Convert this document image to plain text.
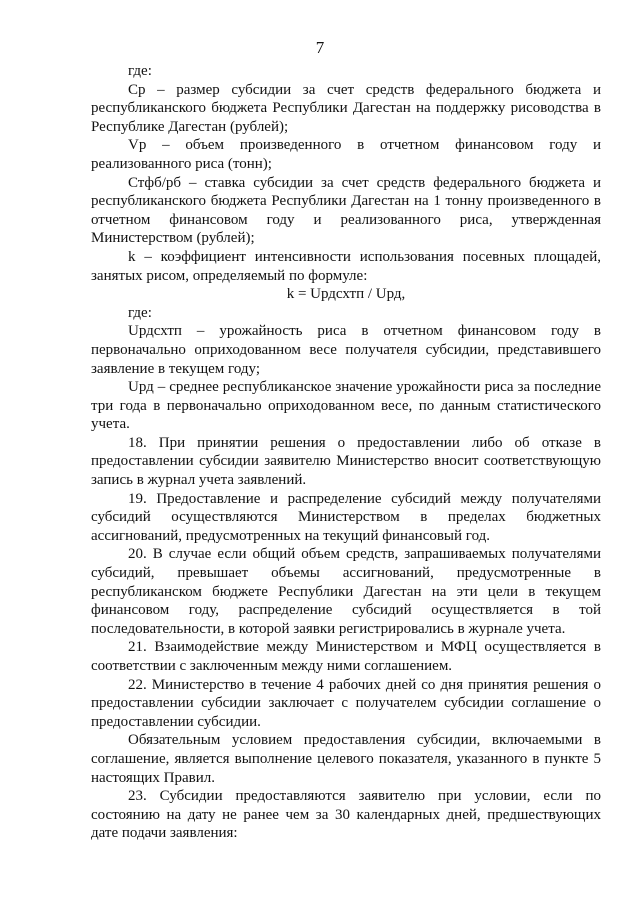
7

где:

Ср – размер субсидии за счет средств федерального бюджета и республиканского бюджета Республики Дагестан на поддержку рисоводства в Республике Дагестан (рублей);

Vр – объем произведенного в отчетном финансовом году и реализованного риса (тонн);

Стфб/рб – ставка субсидии за счет средств федерального бюджета и республиканского бюджета Республики Дагестан на 1 тонну произведенного в отчетном финансовом году и реализованного риса, утвержденная Министерством (рублей);

k – коэффициент интенсивности использования посевных площадей, занятых рисом, определяемый по формуле:

k = Uрдсхтп / Uрд,

где:

Uрдсхтп – урожайность риса в отчетном финансовом году в первоначально оприходованном весе получателя субсидии, представившего заявление в текущем году;

Uрд – среднее республиканское значение урожайности риса за последние три года в первоначально оприходованном весе, по данным статистического учета.

18. При принятии решения о предоставлении либо об отказе в предоставлении субсидии заявителю Министерство вносит соответствующую запись в журнал учета заявлений.

19. Предоставление и распределение субсидий между получателями субсидий осуществляются Министерством в пределах бюджетных ассигнований, предусмотренных на текущий финансовый год.

20. В случае если общий объем средств, запрашиваемых получателями субсидий, превышает объемы ассигнований, предусмотренные в республиканском бюджете Республики Дагестан на эти цели в текущем финансовом году, распределение субсидий осуществляется в той последовательности, в которой заявки регистрировались в журнале учета.

21. Взаимодействие между Министерством и МФЦ осуществляется в соответствии с заключенным между ними соглашением.

22. Министерство в течение 4 рабочих дней со дня принятия решения о предоставлении субсидии заключает с получателем субсидии соглашение о предоставлении субсидии.

Обязательным условием предоставления субсидии, включаемыми в соглашение, является выполнение целевого показателя, указанного в пункте 5 настоящих Правил.

23. Субсидии предоставляются заявителю при условии, если по состоянию на дату не ранее чем за 30 календарных дней, предшествующих дате подачи заявления:
